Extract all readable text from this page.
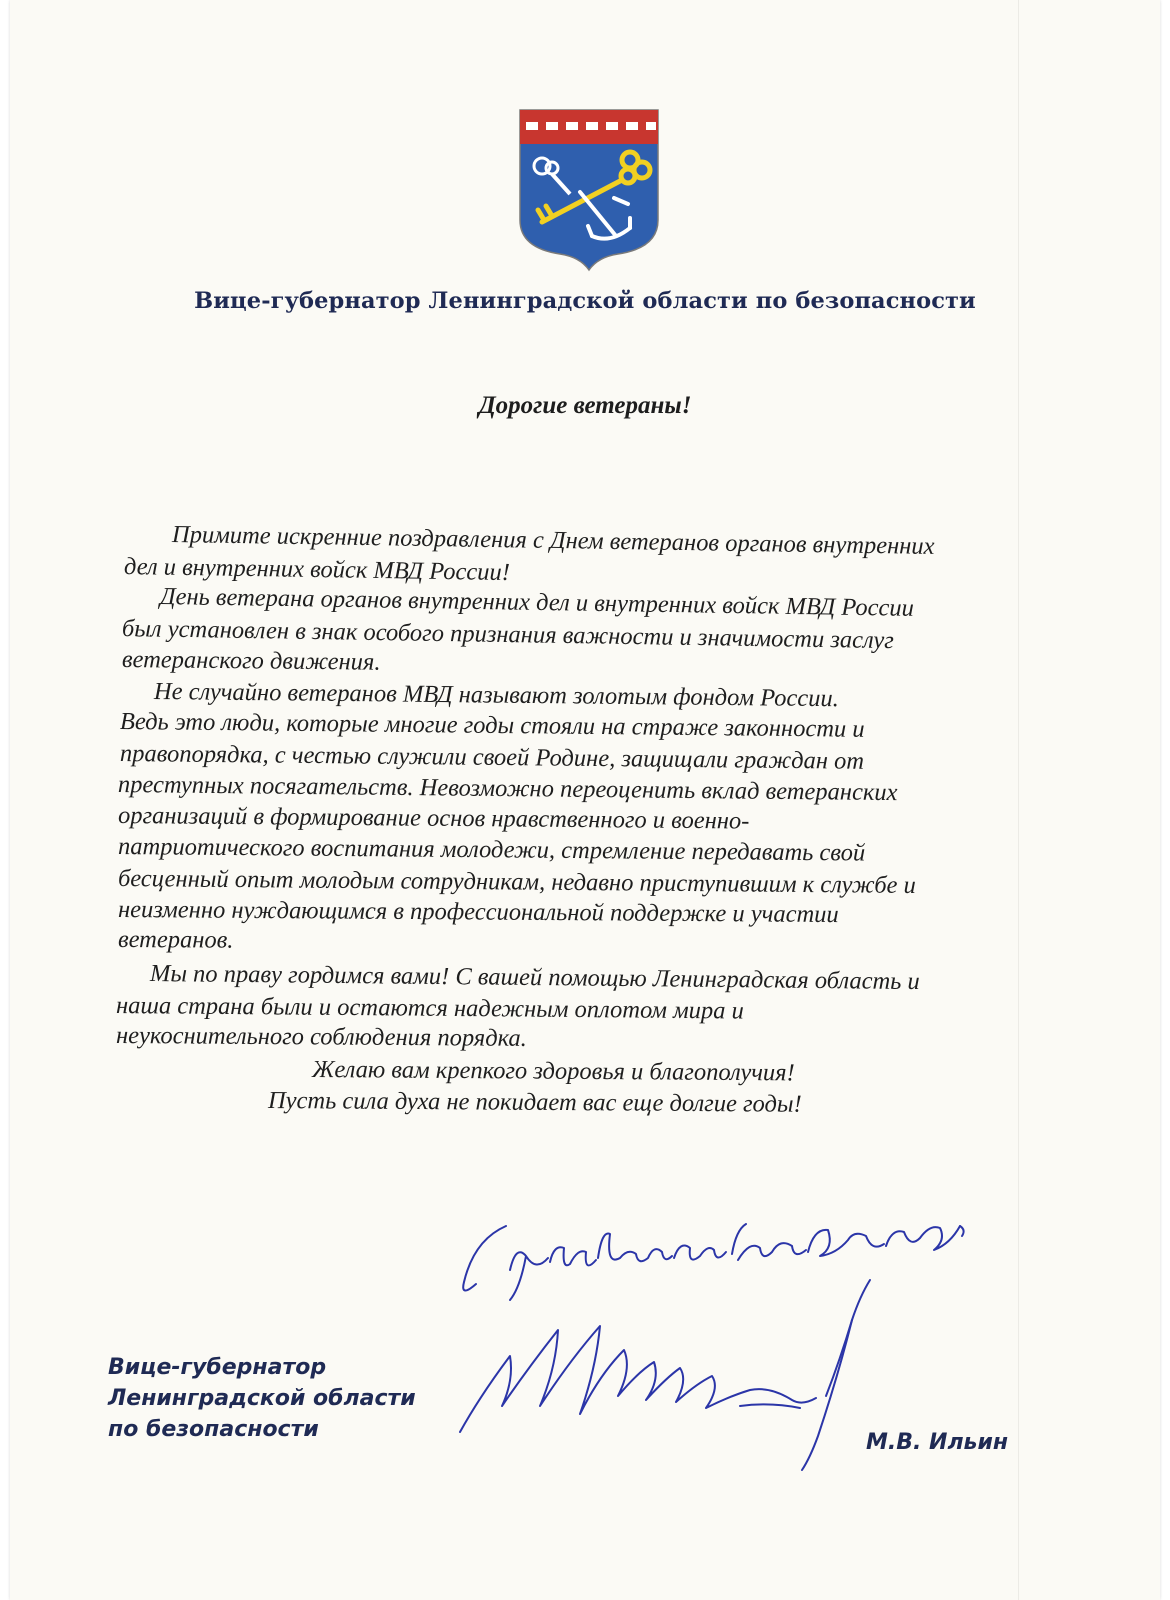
Вице-губернатор Ленинградской области по безопасности
Дорогие ветераны!
Примите искренние поздравления с Днем ветеранов органов внутренних
дел и внутренних войск МВД России!
День ветерана органов внутренних дел и внутренних войск МВД России
был установлен в знак особого признания важности и значимости заслуг
ветеранского движения.
Не случайно ветеранов МВД называют золотым фондом России.
Ведь это люди, которые многие годы стояли на страже законности и
правопорядка, с честью служили своей Родине, защищали граждан от
преступных посягательств. Невозможно переоценить вклад ветеранских
организаций в формирование основ нравственного и военно-
патриотического воспитания молодежи, стремление передавать свой
бесценный опыт молодым сотрудникам, недавно приступившим к службе и
неизменно нуждающимся в профессиональной поддержке и участии
ветеранов.
Мы по праву гордимся вами! С вашей помощью Ленинградская область и
наша страна были и остаются надежным оплотом мира и
неукоснительного соблюдения порядка.
Желаю вам крепкого здоровья и благополучия!
Пусть сила духа не покидает вас еще долгие годы!
Вице-губернатор
Ленинградской области
по безопасности
М.В. Ильин
